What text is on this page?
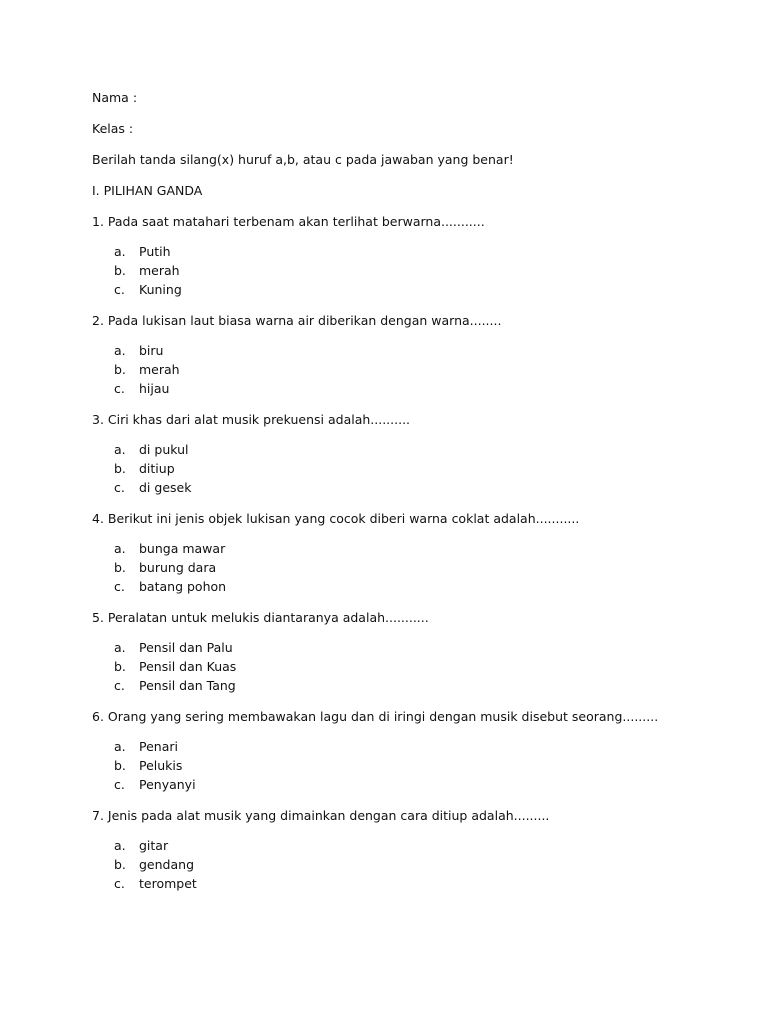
Nama :
Kelas :
Berilah tanda silang(x) huruf a,b, atau c pada jawaban yang benar!
I. PILIHAN GANDA
1. Pada saat matahari terbenam akan terlihat berwarna...........
a. Putih
b. merah
c. Kuning
2. Pada lukisan laut biasa warna air diberikan dengan warna........
a. biru
b. merah
c. hijau
3. Ciri khas dari alat musik prekuensi adalah..........
a. di pukul
b. ditiup
c. di gesek
4. Berikut ini jenis objek lukisan yang cocok diberi warna coklat adalah...........
a. bunga mawar
b. burung dara
c. batang pohon
5. Peralatan untuk melukis diantaranya adalah...........
a. Pensil dan Palu
b. Pensil dan Kuas
c. Pensil dan Tang
6. Orang yang sering membawakan lagu dan di iringi dengan musik disebut seorang.........
a. Penari
b. Pelukis
c. Penyanyi
7. Jenis pada alat musik yang dimainkan dengan cara ditiup adalah.........
a. gitar
b. gendang
c. terompet
